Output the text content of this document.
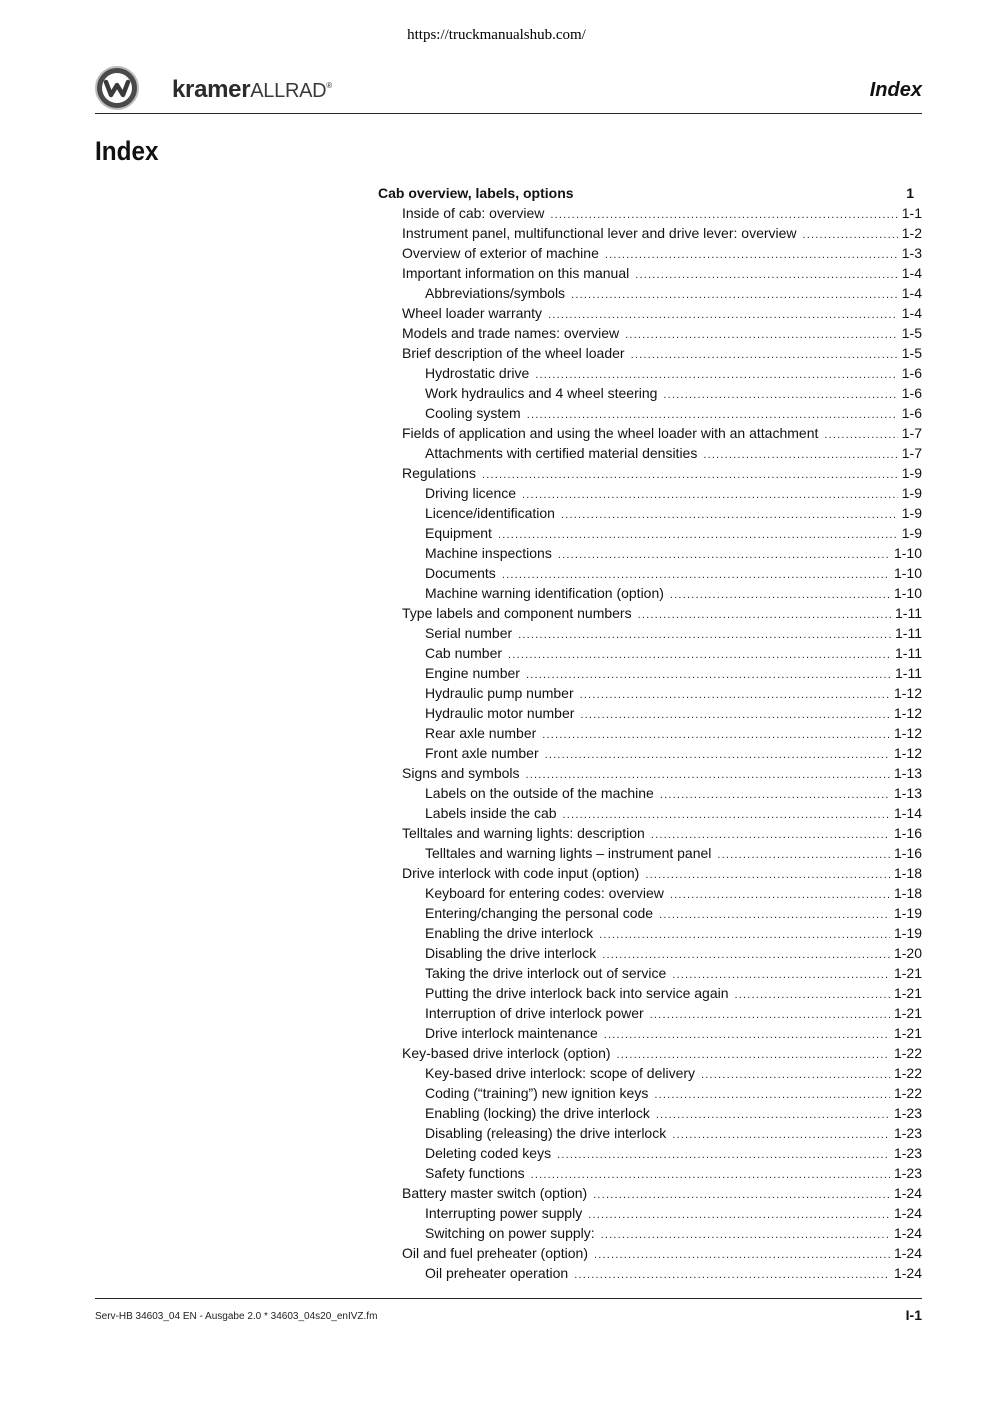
https://truckmanualshub.com/
kramerALLRAD®	Index
Index
Cab overview, labels, options	1
Inside of cab: overview .....	1-1
Instrument panel, multifunctional lever and drive lever: overview .....	1-2
Overview of exterior of machine .....	1-3
Important information on this manual .....	1-4
Abbreviations/symbols .....	1-4
Wheel loader warranty .....	1-4
Models and trade names: overview .....	1-5
Brief description of the wheel loader .....	1-5
Hydrostatic drive .....	1-6
Work hydraulics and 4 wheel steering .....	1-6
Cooling system .....	1-6
Fields of application and using the wheel loader with an attachment .....	1-7
Attachments with certified material densities .....	1-7
Regulations .....	1-9
Driving licence .....	1-9
Licence/identification .....	1-9
Equipment .....	1-9
Machine inspections .....	1-10
Documents .....	1-10
Machine warning identification (option) .....	1-10
Type labels and component numbers .....	1-11
Serial number .....	1-11
Cab number .....	1-11
Engine number .....	1-11
Hydraulic pump number .....	1-12
Hydraulic motor number .....	1-12
Rear axle number .....	1-12
Front axle number .....	1-12
Signs and symbols .....	1-13
Labels on the outside of the machine .....	1-13
Labels inside the cab .....	1-14
Telltales and warning lights: description .....	1-16
Telltales and warning lights – instrument panel .....	1-16
Drive interlock with code input (option) .....	1-18
Keyboard for entering codes: overview .....	1-18
Entering/changing the personal code .....	1-19
Enabling the drive interlock .....	1-19
Disabling the drive interlock .....	1-20
Taking the drive interlock out of service .....	1-21
Putting the drive interlock back into service again .....	1-21
Interruption of drive interlock power .....	1-21
Drive interlock maintenance .....	1-21
Key-based drive interlock (option) .....	1-22
Key-based drive interlock: scope of delivery .....	1-22
Coding (“training”) new ignition keys .....	1-22
Enabling (locking) the drive interlock .....	1-23
Disabling (releasing) the drive interlock .....	1-23
Deleting coded keys .....	1-23
Safety functions .....	1-23
Battery master switch (option) .....	1-24
Interrupting power supply .....	1-24
Switching on power supply: .....	1-24
Oil and fuel preheater (option) .....	1-24
Oil preheater operation .....	1-24
Serv-HB 34603_04 EN - Ausgabe 2.0 * 34603_04s20_enIVZ.fm	I-1
